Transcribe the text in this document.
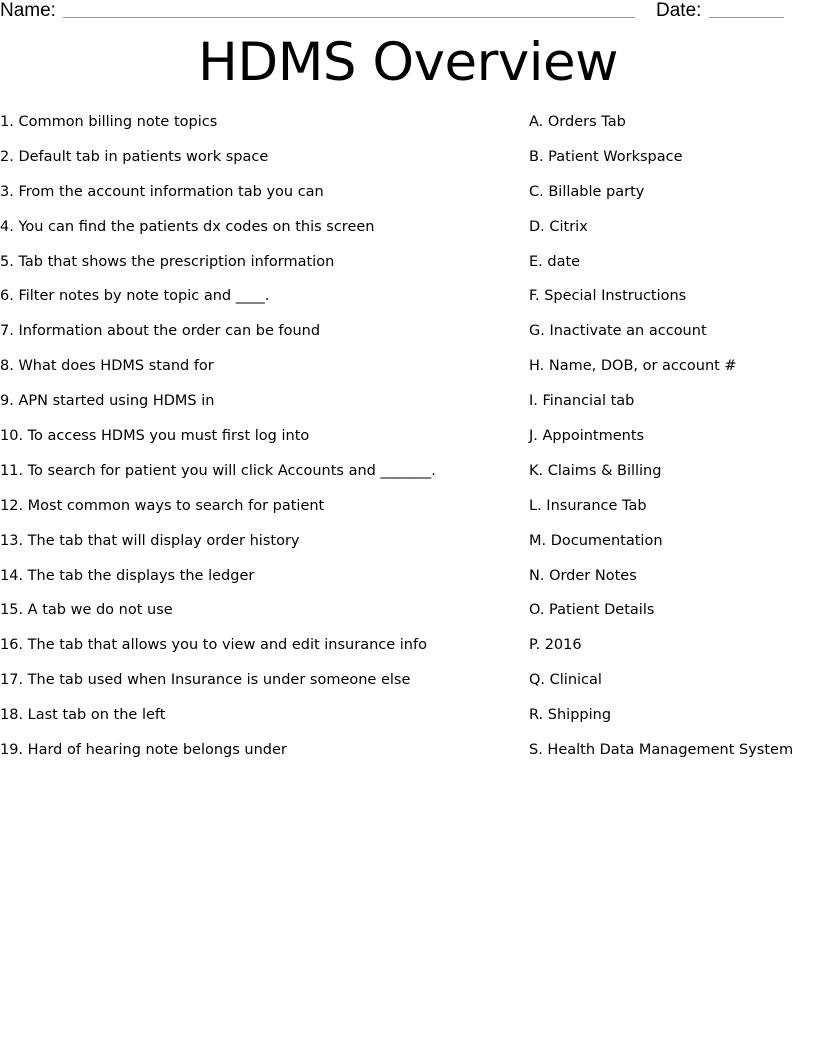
Name:	Date:
HDMS Overview
1. Common billing note topics
2. Default tab in patients work space
3. From the account information tab you can
4. You can find the patients dx codes on this screen
5. Tab that shows the prescription information
6. Filter notes by note topic and ____.
7. Information about the order can be found
8. What does HDMS stand for
9. APN started using HDMS in
10. To access HDMS you must first log into
11. To search for patient you will click Accounts and _______.
12. Most common ways to search for patient
13. The tab that will display order history
14. The tab the displays the ledger
15. A tab we do not use
16. The tab that allows you to view and edit insurance info
17. The tab used when Insurance is under someone else
18. Last tab on the left
19. Hard of hearing note belongs under
A. Orders Tab
B. Patient Workspace
C. Billable party
D. Citrix
E. date
F. Special Instructions
G. Inactivate an account
H. Name, DOB, or account #
I. Financial tab
J. Appointments
K. Claims & Billing
L. Insurance Tab
M. Documentation
N. Order Notes
O. Patient Details
P. 2016
Q. Clinical
R. Shipping
S. Health Data Management System
